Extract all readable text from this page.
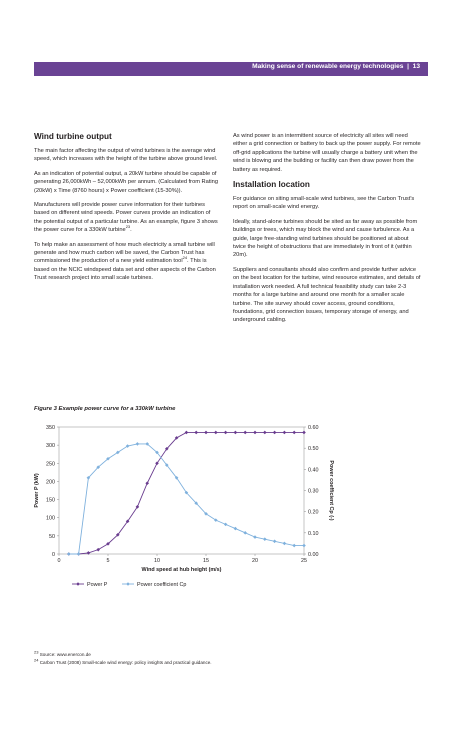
Making sense of renewable energy technologies | 13
Wind turbine output

The main factor affecting the output of wind turbines is the average wind speed, which increases with the height of the turbine above ground level.

As an indication of potential output, a 20kW turbine should be capable of generating 26,000kWh – 52,000kWh per annum. (Calculated from Rating (20kW) x Time (8760 hours) x Power coefficient (15-30%)).

Manufacturers will provide power curve information for their turbines based on different wind speeds. Power curves provide an indication of the potential output of a particular turbine. As an example, figure 3 shows the power curve for a 330kW turbine$^{23}$.

To help make an assessment of how much electricity a small turbine will generate and how much carbon will be saved, the Carbon Trust has commissioned the production of a new yield estimation tool$^{24}$. This is based on the NCIC windspeed data set and other aspects of the Carbon Trust research project into small scale turbines.

As wind power is an intermittent source of electricity all sites will need either a grid connection or battery to back up the power supply. For remote off-grid applications the turbine will usually charge a battery unit when the wind is blowing and the building or facility can then draw power from the battery as required.

Installation location

For guidance on siting small-scale wind turbines, see the Carbon Trust's report on small-scale wind energy.

Ideally, stand-alone turbines should be sited as far away as possible from buildings or trees, which may block the wind and cause turbulence. As a guide, large free-standing wind turbines should be positioned at about twice the height of obstructions that are immediately in front of it (within 20m).

Suppliers and consultants should also confirm and provide further advice on the best location for the turbine, wind resource estimates, and details of installation work needed. A full technical feasibility study can take 2-3 months for a large turbine and around one month for a smaller scale turbine. The site survey should cover access, ground conditions, foundations, grid connection issues, temporary storage of energy, and underground cabling.

Figure 3 Example power curve for a 330kW turbine
0
50
100
150
200
250
300
350
0.00
0.10
0.20
0.30
0.40
0.50
0.60
0	5	10	15	20	25
Wind speed at hub height (m/s)
Power P (kW)	Power coefficient Cp (-)
Power P	Power coefficient Cp
$^{23}$ Source: www.enercon.de
$^{24}$ Carbon Trust (2008) Small-scale wind energy: policy insights and practical guidance.
